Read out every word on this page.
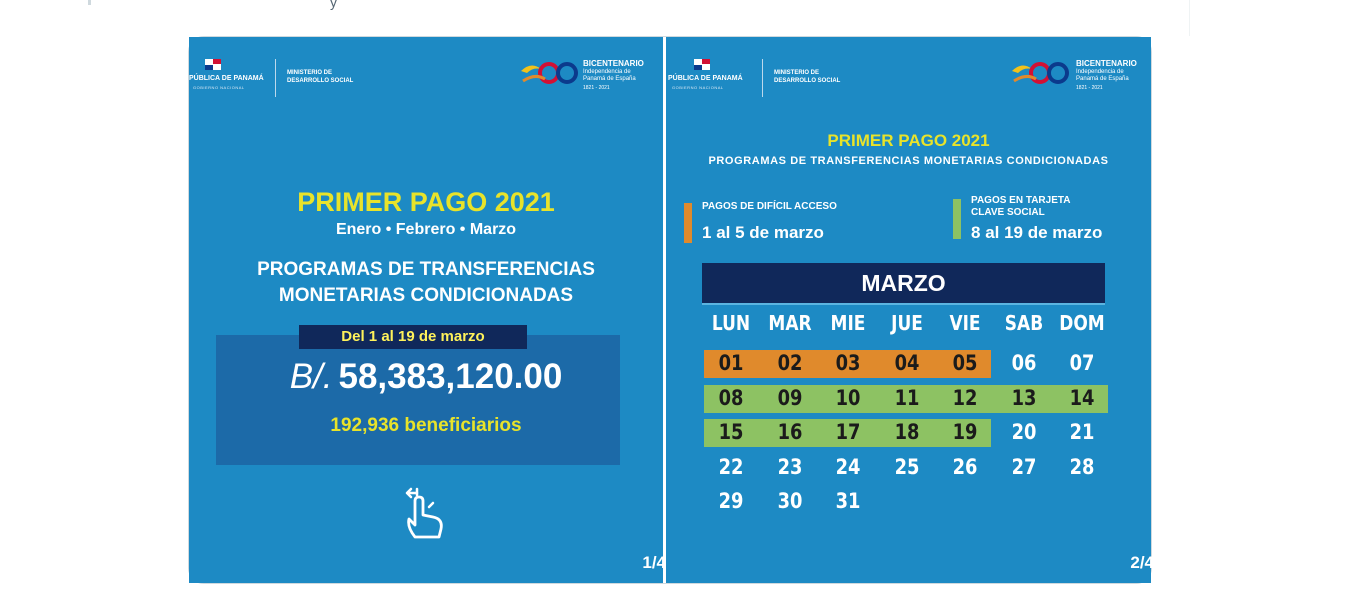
y
PÚBLICA DE PANAMÁ
GOBIERNO NACIONAL
MINISTERIO DE
DESARROLLO SOCIAL
BICENTENARIO
Independencia de
Panamá de España
1821 - 2021
PRIMER PAGO 2021
Enero • Febrero • Marzo
PROGRAMAS DE TRANSFERENCIAS
MONETARIAS CONDICIONADAS
Del 1 al 19 de marzo
B/. 58,383,120.00
192,936 beneficiarios
1/4
PÚBLICA DE PANAMÁ
GOBIERNO NACIONAL
MINISTERIO DE
DESARROLLO SOCIAL
BICENTENARIO
Independencia de
Panamá de España
1821 - 2021
PRIMER PAGO 2021
PROGRAMAS DE TRANSFERENCIAS MONETARIAS CONDICIONADAS
PAGOS DE DIFÍCIL ACCESO
1 al 5 de marzo
PAGOS EN TARJETA
CLAVE SOCIAL
8 al 19 de marzo
MARZO
LUN MAR MIE	JUE	VIE	SAB DOM
01	02	03	04	05	06	07
08	09	10	11	12	13	14
15	16	17	18	19	20	21
22	23	24	25	26	27	28
29	30	31
2/4
